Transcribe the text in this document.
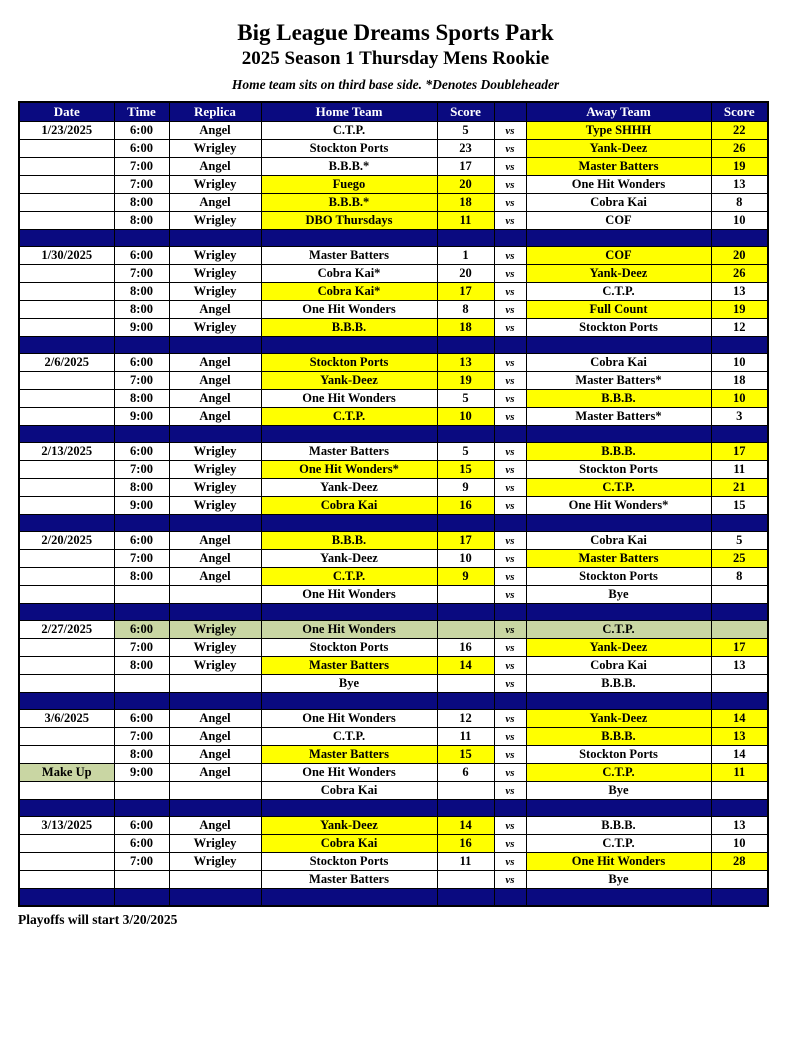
Big League Dreams Sports Park
2025 Season 1 Thursday Mens Rookie
Home team sits on third base side. *Denotes Doubleheader
Date	Time	Replica	Home Team	Score		Away Team	Score
1/23/2025	6:00	Angel	C.T.P.	5	vs	Type SHHH	22
	6:00	Wrigley	Stockton Ports	23	vs	Yank-Deez	26
	7:00	Angel	B.B.B.*	17	vs	Master Batters	19
	7:00	Wrigley	Fuego	20	vs	One Hit Wonders	13
	8:00	Angel	B.B.B.*	18	vs	Cobra Kai	8
	8:00	Wrigley	DBO Thursdays	11	vs	COF	10

1/30/2025	6:00	Wrigley	Master Batters	1	vs	COF	20
	7:00	Wrigley	Cobra Kai*	20	vs	Yank-Deez	26
	8:00	Wrigley	Cobra Kai*	17	vs	C.T.P.	13
	8:00	Angel	One Hit Wonders	8	vs	Full Count	19
	9:00	Wrigley	B.B.B.	18	vs	Stockton Ports	12

2/6/2025	6:00	Angel	Stockton Ports	13	vs	Cobra Kai	10
	7:00	Angel	Yank-Deez	19	vs	Master Batters*	18
	8:00	Angel	One Hit Wonders	5	vs	B.B.B.	10
	9:00	Angel	C.T.P.	10	vs	Master Batters*	3

2/13/2025	6:00	Wrigley	Master Batters	5	vs	B.B.B.	17
	7:00	Wrigley	One Hit Wonders*	15	vs	Stockton Ports	11
	8:00	Wrigley	Yank-Deez	9	vs	C.T.P.	21
	9:00	Wrigley	Cobra Kai	16	vs	One Hit Wonders*	15

2/20/2025	6:00	Angel	B.B.B.	17	vs	Cobra Kai	5
	7:00	Angel	Yank-Deez	10	vs	Master Batters	25
	8:00	Angel	C.T.P.	9	vs	Stockton Ports	8
			One Hit Wonders		vs	Bye	

2/27/2025	6:00	Wrigley	One Hit Wonders		vs	C.T.P.	
	7:00	Wrigley	Stockton Ports	16	vs	Yank-Deez	17
	8:00	Wrigley	Master Batters	14	vs	Cobra Kai	13
			Bye		vs	B.B.B.	

3/6/2025	6:00	Angel	One Hit Wonders	12	vs	Yank-Deez	14
	7:00	Angel	C.T.P.	11	vs	B.B.B.	13
	8:00	Angel	Master Batters	15	vs	Stockton Ports	14
Make Up	9:00	Angel	One Hit Wonders	6	vs	C.T.P.	11
			Cobra Kai		vs	Bye	

3/13/2025	6:00	Angel	Yank-Deez	14	vs	B.B.B.	13
	6:00	Wrigley	Cobra Kai	16	vs	C.T.P.	10
	7:00	Wrigley	Stockton Ports	11	vs	One Hit Wonders	28
			Master Batters		vs	Bye	

Playoffs will start 3/20/2025
